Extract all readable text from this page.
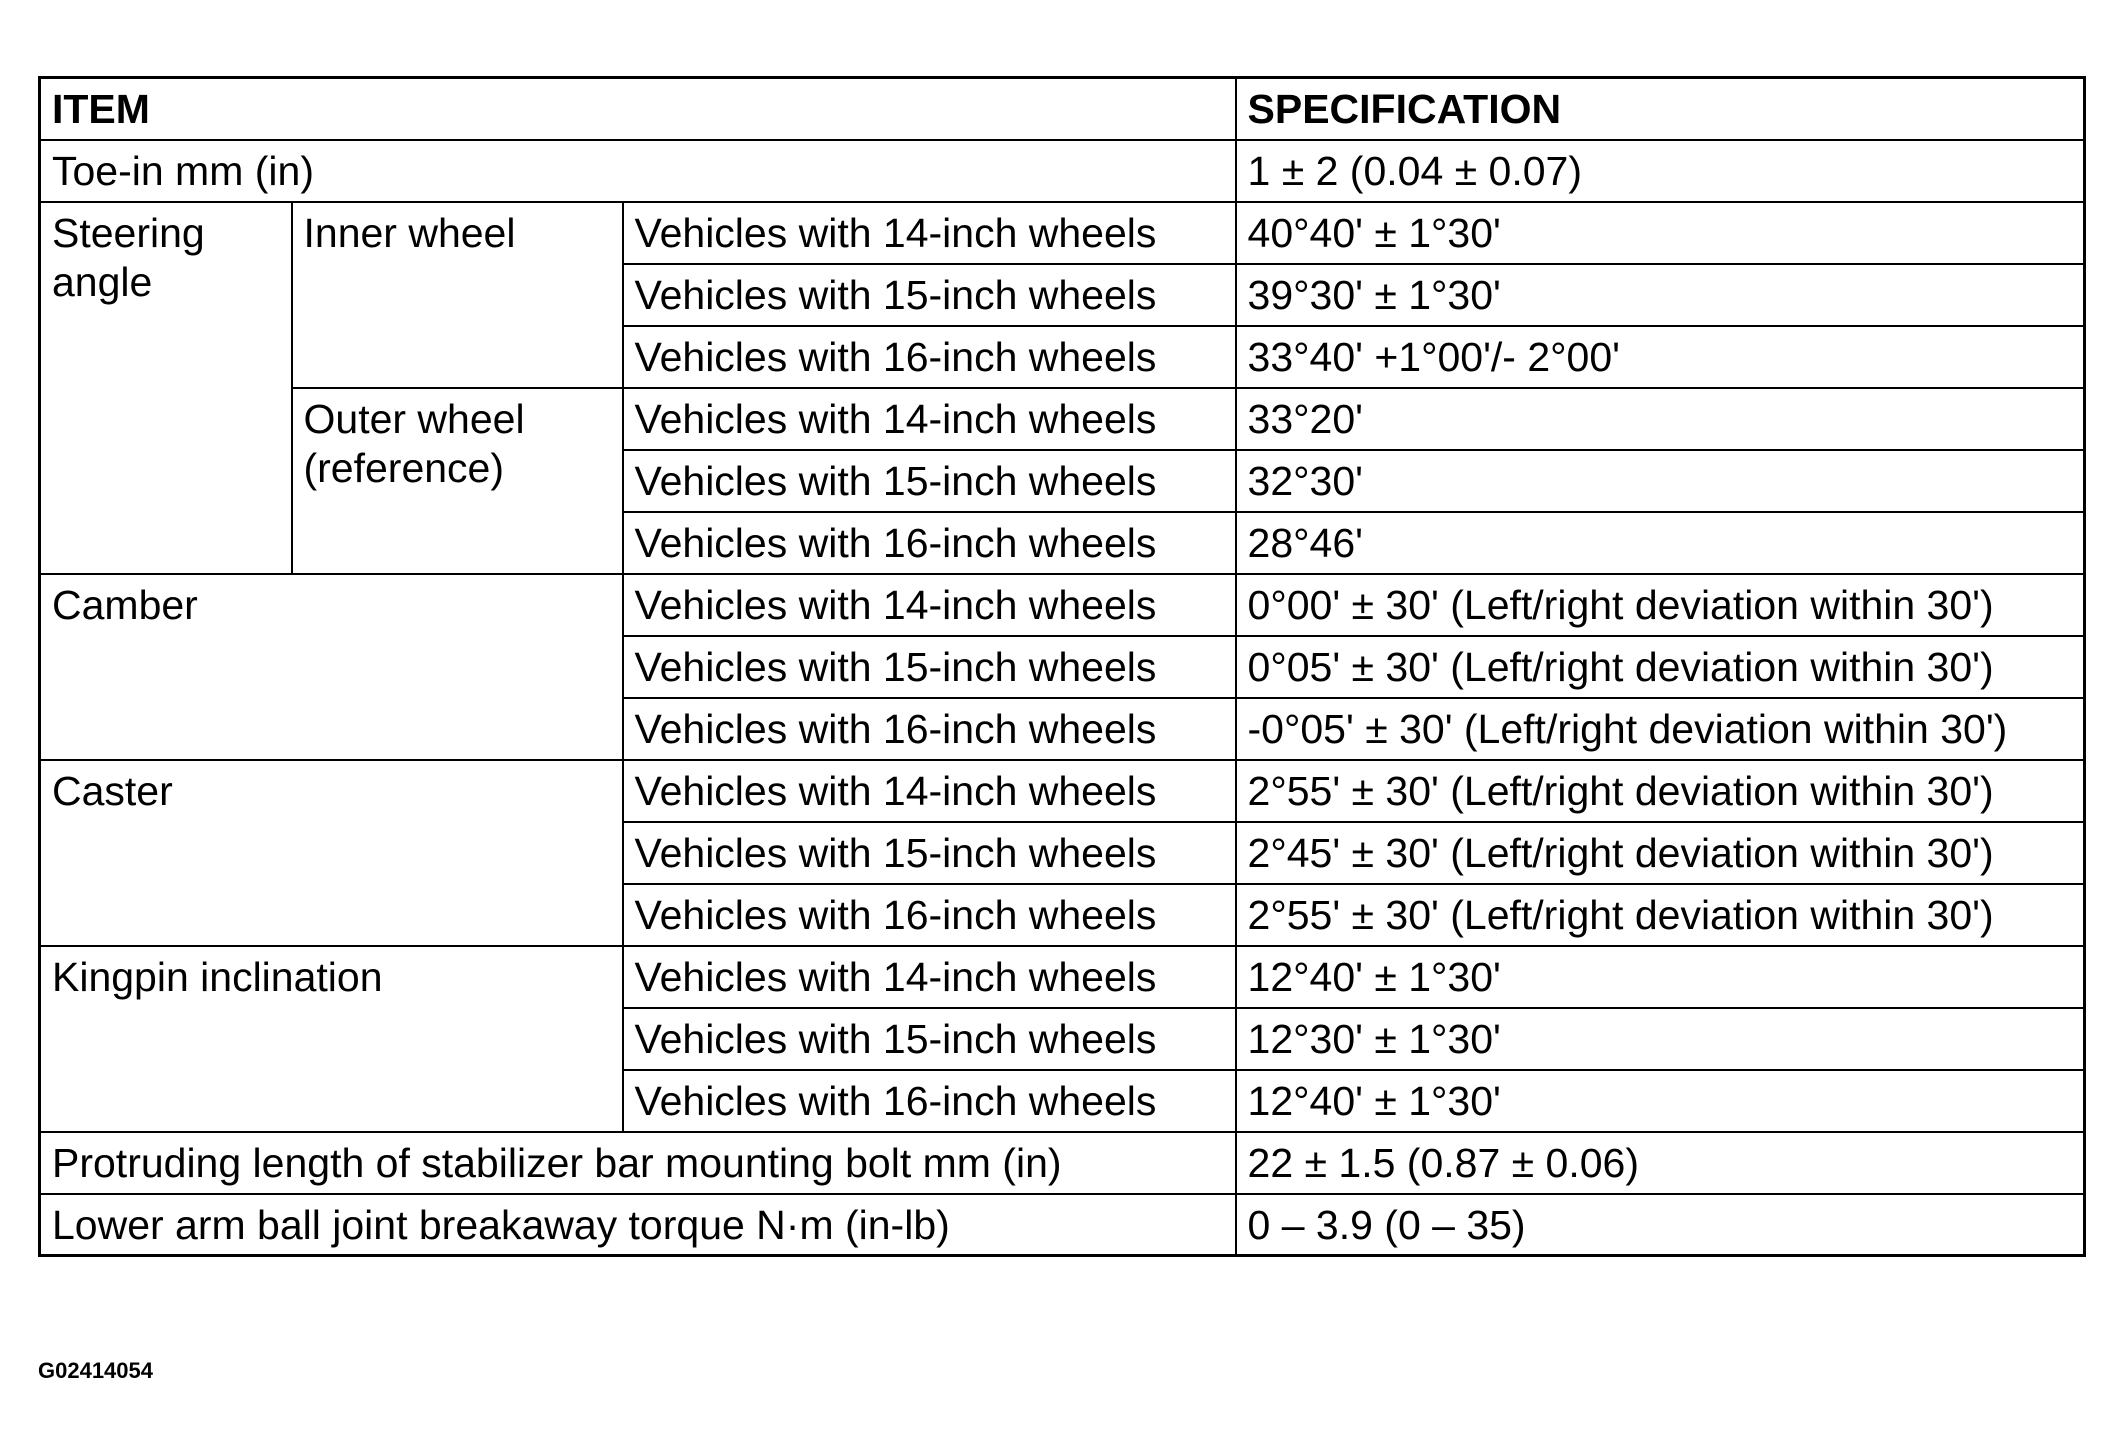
ITEM			SPECIFICATION
Toe-in mm (in)			1 ± 2 (0.04 ± 0.07)
Steering angle	Inner wheel	Vehicles with 14-inch wheels	40°40' ± 1°30'
		Vehicles with 15-inch wheels	39°30' ± 1°30'
		Vehicles with 16-inch wheels	33°40' +1°00'/- 2°00'
	Outer wheel (reference)	Vehicles with 14-inch wheels	33°20'
		Vehicles with 15-inch wheels	32°30'
		Vehicles with 16-inch wheels	28°46'
Camber		Vehicles with 14-inch wheels	0°00' ± 30' (Left/right deviation within 30')
		Vehicles with 15-inch wheels	0°05' ± 30' (Left/right deviation within 30')
		Vehicles with 16-inch wheels	-0°05' ± 30' (Left/right deviation within 30')
Caster		Vehicles with 14-inch wheels	2°55' ± 30' (Left/right deviation within 30')
		Vehicles with 15-inch wheels	2°45' ± 30' (Left/right deviation within 30')
		Vehicles with 16-inch wheels	2°55' ± 30' (Left/right deviation within 30')
Kingpin inclination		Vehicles with 14-inch wheels	12°40' ± 1°30'
		Vehicles with 15-inch wheels	12°30' ± 1°30'
		Vehicles with 16-inch wheels	12°40' ± 1°30'
Protruding length of stabilizer bar mounting bolt mm (in)			22 ± 1.5 (0.87 ± 0.06)
Lower arm ball joint breakaway torque N·m (in-lb)			0 – 3.9 (0 – 35)
G02414054
